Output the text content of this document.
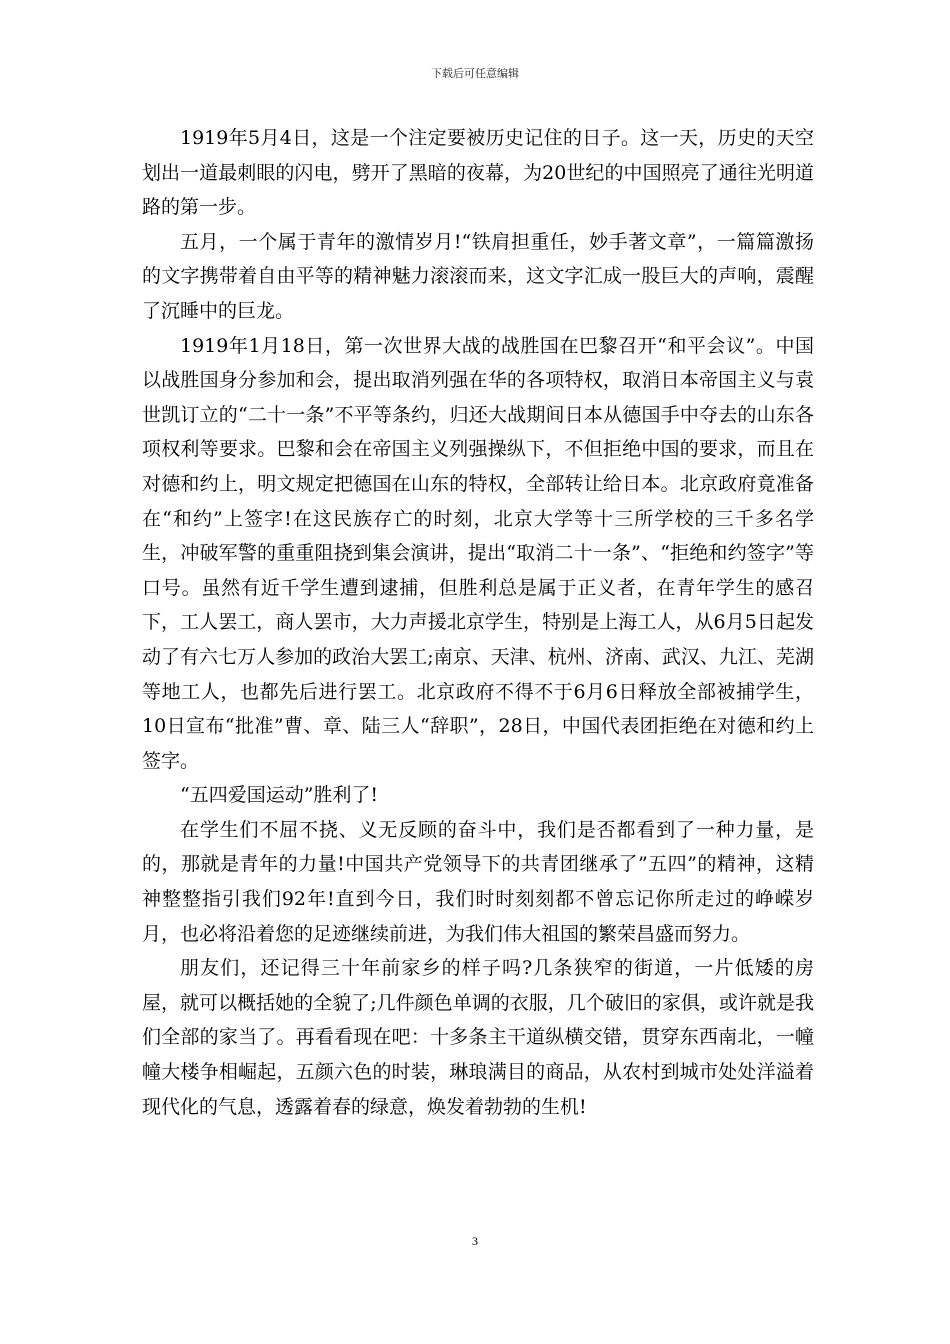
下载后可任意编辑

1919年5月4日，这是一个注定要被历史记住的日子。这一天，历史的天空划出一道最刺眼的闪电，劈开了黑暗的夜幕，为20世纪的中国照亮了通往光明道路的第一步。

五月，一个属于青年的激情岁月!“铁肩担重任，妙手著文章”，一篇篇激扬的文字携带着自由平等的精神魅力滚滚而来，这文字汇成一股巨大的声响，震醒了沉睡中的巨龙。

1919年1月18日，第一次世界大战的战胜国在巴黎召开“和平会议”。中国以战胜国身分参加和会，提出取消列强在华的各项特权，取消日本帝国主义与袁世凯订立的“二十一条”不平等条约，归还大战期间日本从德国手中夺去的山东各项权利等要求。巴黎和会在帝国主义列强操纵下，不但拒绝中国的要求，而且在对德和约上，明文规定把德国在山东的特权，全部转让给日本。北京政府竟准备在“和约”上签字!在这民族存亡的时刻，北京大学等十三所学校的三千多名学生，冲破军警的重重阻挠到集会演讲，提出“取消二十一条”、“拒绝和约签字”等口号。虽然有近千学生遭到逮捕，但胜利总是属于正义者，在青年学生的感召下，工人罢工，商人罢市，大力声援北京学生，特别是上海工人，从6月5日起发动了有六七万人参加的政治大罢工;南京、天津、杭州、济南、武汉、九江、芜湖等地工人，也都先后进行罢工。北京政府不得不于6月6日释放全部被捕学生，10日宣布“批准”曹、章、陆三人“辞职”，28日，中国代表团拒绝在对德和约上签字。

“五四爱国运动”胜利了!

在学生们不屈不挠、义无反顾的奋斗中，我们是否都看到了一种力量，是的，那就是青年的力量!中国共产党领导下的共青团继承了”五四”的精神，这精神整整指引我们92年!直到今日，我们时时刻刻都不曾忘记你所走过的峥嵘岁月，也必将沿着您的足迹继续前进，为我们伟大祖国的繁荣昌盛而努力。

朋友们，还记得三十年前家乡的样子吗?几条狭窄的街道，一片低矮的房屋，就可以概括她的全貌了;几件颜色单调的衣服，几个破旧的家俱，或许就是我们全部的家当了。再看看现在吧：十多条主干道纵横交错，贯穿东西南北，一幢幢大楼争相崛起，五颜六色的时装，琳琅满目的商品，从农村到城市处处洋溢着现代化的气息，透露着春的绿意，焕发着勃勃的生机!

3
